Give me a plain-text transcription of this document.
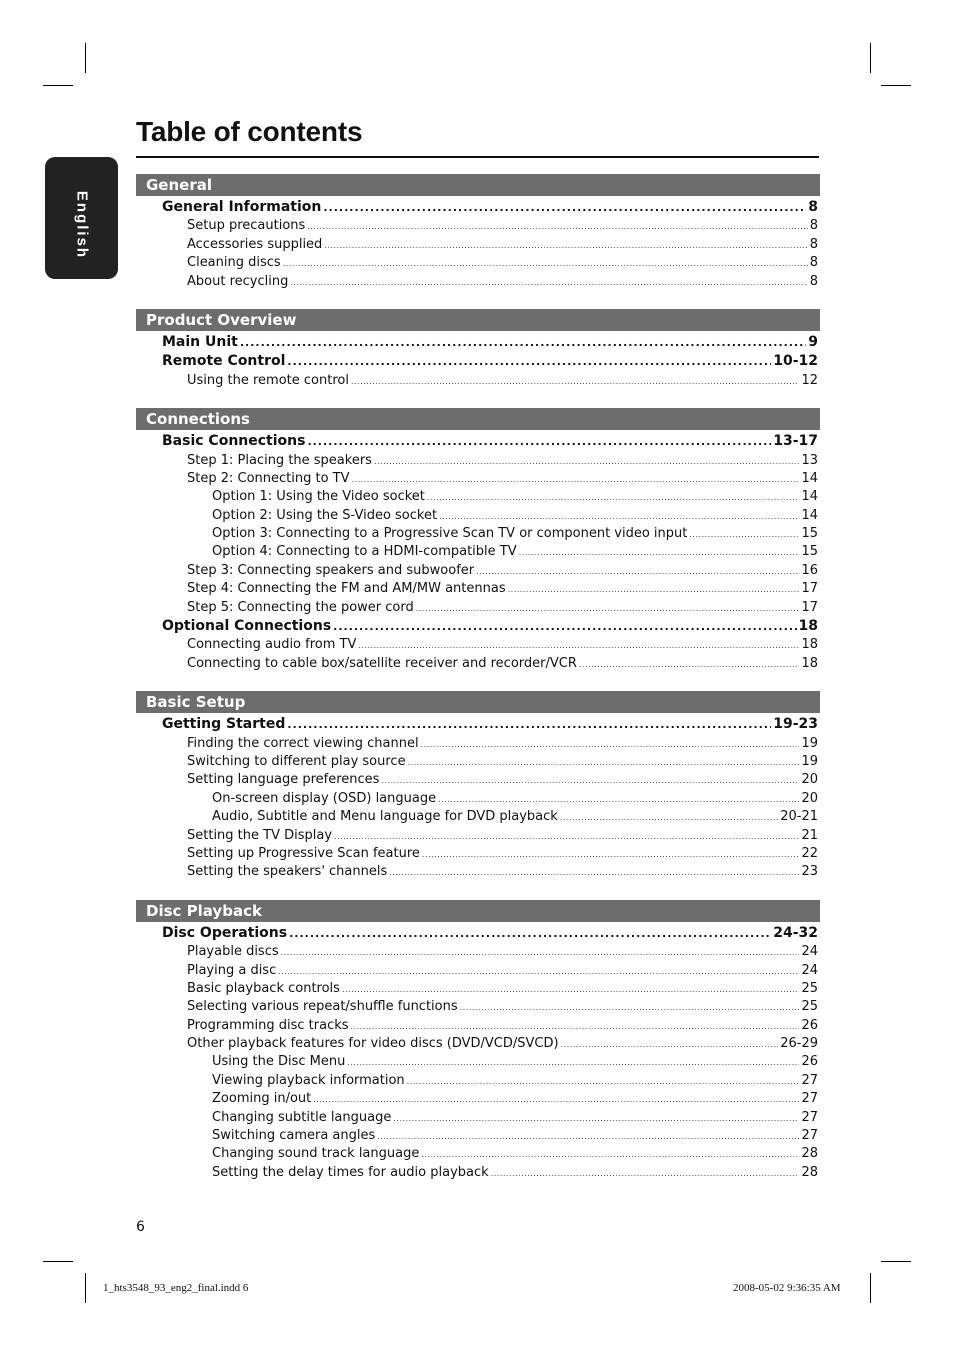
English
Table of contents
General
General Information .....	8
Setup precautions .....	8
Accessories supplied .....	8
Cleaning discs .....	8
About recycling .....	8
Product Overview
Main Unit .....	9
Remote Control .....	10-12
Using the remote control .....	12
Connections
Basic Connections .....	13-17
Step 1: Placing the speakers .....	13
Step 2: Connecting to TV .....	14
Option 1: Using the Video socket .....	14
Option 2: Using the S-Video socket .....	14
Option 3: Connecting to a Progressive Scan TV or component video input .....	15
Option 4: Connecting to a HDMI-compatible TV .....	15
Step 3: Connecting speakers and subwoofer .....	16
Step 4: Connecting the FM and AM/MW antennas .....	17
Step 5: Connecting the power cord .....	17
Optional Connections .....	18
Connecting audio from TV .....	18
Connecting to cable box/satellite receiver and recorder/VCR .....	18
Basic Setup
Getting Started .....	19-23
Finding the correct viewing channel .....	19
Switching to different play source .....	19
Setting language preferences .....	20
On-screen display (OSD) language .....	20
Audio, Subtitle and Menu language for DVD playback .....	20-21
Setting the TV Display .....	21
Setting up Progressive Scan feature .....	22
Setting the speakers' channels .....	23
Disc Playback
Disc Operations .....	24-32
Playable discs .....	24
Playing a disc .....	24
Basic playback controls .....	25
Selecting various repeat/shuffle functions .....	25
Programming disc tracks .....	26
Other playback features for video discs (DVD/VCD/SVCD) .....	26-29
Using the Disc Menu .....	26
Viewing playback information .....	27
Zooming in/out .....	27
Changing subtitle language .....	27
Switching camera angles .....	27
Changing sound track language .....	28
Setting the delay times for audio playback .....	28
6
1_hts3548_93_eng2_final.indd 6	2008-05-02 9:36:35 AM
